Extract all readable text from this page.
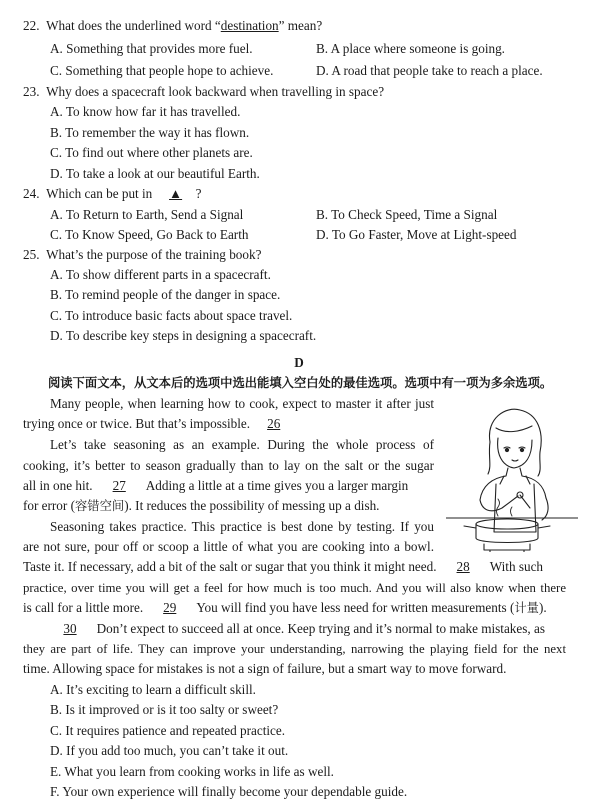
22. What does the underlined word “destination” mean?
A. Something that provides more fuel.	B. A place where someone is going.
C. Something that people hope to achieve.	D. A road that people take to reach a place.
23. Why does a spacecraft look backward when travelling in space?
A. To know how far it has travelled.
B. To remember the way it has flown.
C. To find out where other planets are.
D. To take a look at our beautiful Earth.
24. Which can be put in ▲ ?
A. To Return to Earth, Send a Signal	B. To Check Speed, Time a Signal
C. To Know Speed, Go Back to Earth	D. To Go Faster, Move at Light-speed
25. What’s the purpose of the training book?
A. To show different parts in a spacecraft.
B. To remind people of the danger in space.
C. To introduce basic facts about space travel.
D. To describe key steps in designing a spacecraft.
D
阅读下面文本，从文本后的选项中选出能填入空白处的最佳选项。选项中有一项为多余选项。
Many people, when learning how to cook, expect to master it after just
trying once or twice. But that’s impossible. 26
Let’s take seasoning as an example. During the whole process of
cooking, it’s better to season gradually than to lay on the salt or the sugar
all in one hit. 27 Adding a little at a time gives you a larger margin
for error (容错空间). It reduces the possibility of messing up a dish.
Seasoning takes practice. This practice is best done by testing. If you
are not sure, pour off or scoop a little of what you are cooking into a bowl.
Taste it. If necessary, add a bit of the salt or sugar that you think it might need. 28 With such
practice, over time you will get a feel for how much is too much. And you will also know when there
is call for a little more. 29 You will find you have less need for written measurements (计量).
30 Don’t expect to succeed all at once. Keep trying and it’s normal to make mistakes, as
they are part of life. They can improve your understanding, narrowing the playing field for the next
time. Allowing space for mistakes is not a sign of failure, but a smart way to move forward.
A. It’s exciting to learn a difficult skill.
B. Is it improved or is it too salty or sweet?
C. It requires patience and repeated practice.
D. If you add too much, you can’t take it out.
E. What you learn from cooking works in life as well.
F. Your own experience will finally become your dependable guide.
